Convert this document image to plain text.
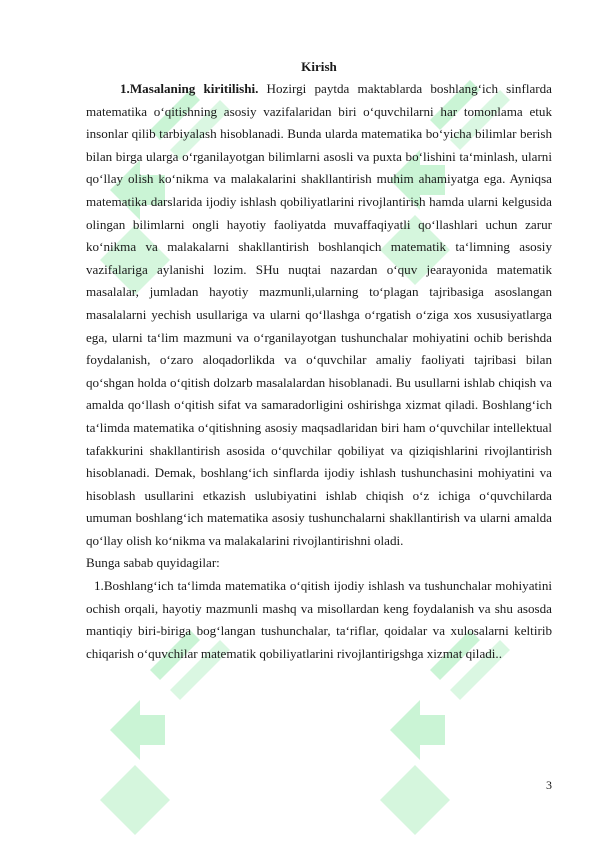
Kirish

1.Masalaning kiritilishi. Hozirgi paytda maktablarda boshlang‘ich sinflarda matematika o‘qitishning asosiy vazifalaridan biri o‘quvchilarni har tomonlama etuk insonlar qilib tarbiyalash hisoblanadi. Bunda ularda matematika bo‘yicha bilimlar berish bilan birga ularga o‘rganilayotgan bilimlarni asosli va puxta bo‘lishini ta‘minlash, ularni qo‘llay olish ko‘nikma va malakalarini shakllantirish muhim ahamiyatga ega. Ayniqsa matematika darslarida ijodiy ishlash qobiliyatlarini rivojlantirish hamda ularni kelgusida olingan bilimlarni ongli hayotiy faoliyatda muvaffaqiyatli qo‘llashlari uchun zarur ko‘nikma va malakalarni shakllantirish boshlanqich matematik ta‘limning asosiy vazifalariga aylanishi lozim. SHu nuqtai nazardan o‘quv jearayonida matematik masalalar, jumladan hayotiy mazmunli,ularning to‘plagan tajribasiga asoslangan masalalarni yechish usullariga va ularni qo‘llashga o‘rgatish o‘ziga xos xususiyatlarga ega, ularni ta‘lim mazmuni va o‘rganilayotgan tushunchalar mohiyatini ochib berishda foydalanish, o‘zaro aloqadorlikda va o‘quvchilar amaliy faoliyati tajribasi bilan qo‘shgan holda o‘qitish dolzarb masalalardan hisoblanadi. Bu usullarni ishlab chiqish va amalda qo‘llash o‘qitish sifat va samaradorligini oshirishga xizmat qiladi. Boshlang‘ich ta‘limda matematika o‘qitishning asosiy maqsadlaridan biri ham o‘quvchilar intellektual tafakkurini shakllantirish asosida o‘quvchilar qobiliyat va qiziqishlarini rivojlantirish hisoblanadi. Demak, boshlang‘ich sinflarda ijodiy ishlash tushunchasini mohiyatini va hisoblash usullarini etkazish uslubiyatini ishlab chiqish o‘z ichiga o‘quvchilarda umuman boshlang‘ich matematika asosiy tushunchalarni shakllantirish va ularni amalda qo‘llay olish ko‘nikma va malakalarini rivojlantirishni oladi.

Bunga sabab quyidagilar:

1.Boshlang‘ich ta‘limda matematika o‘qitish ijodiy ishlash va tushunchalar mohiyatini ochish orqali, hayotiy mazmunli mashq va misollardan keng foydalanish va shu asosda mantiqiy biri-biriga bog‘langan tushunchalar, ta‘riflar, qoidalar va xulosalarni keltirib chiqarish o‘quvchilar matematik qobiliyatlarini rivojlantirigshga xizmat qiladi..

3
